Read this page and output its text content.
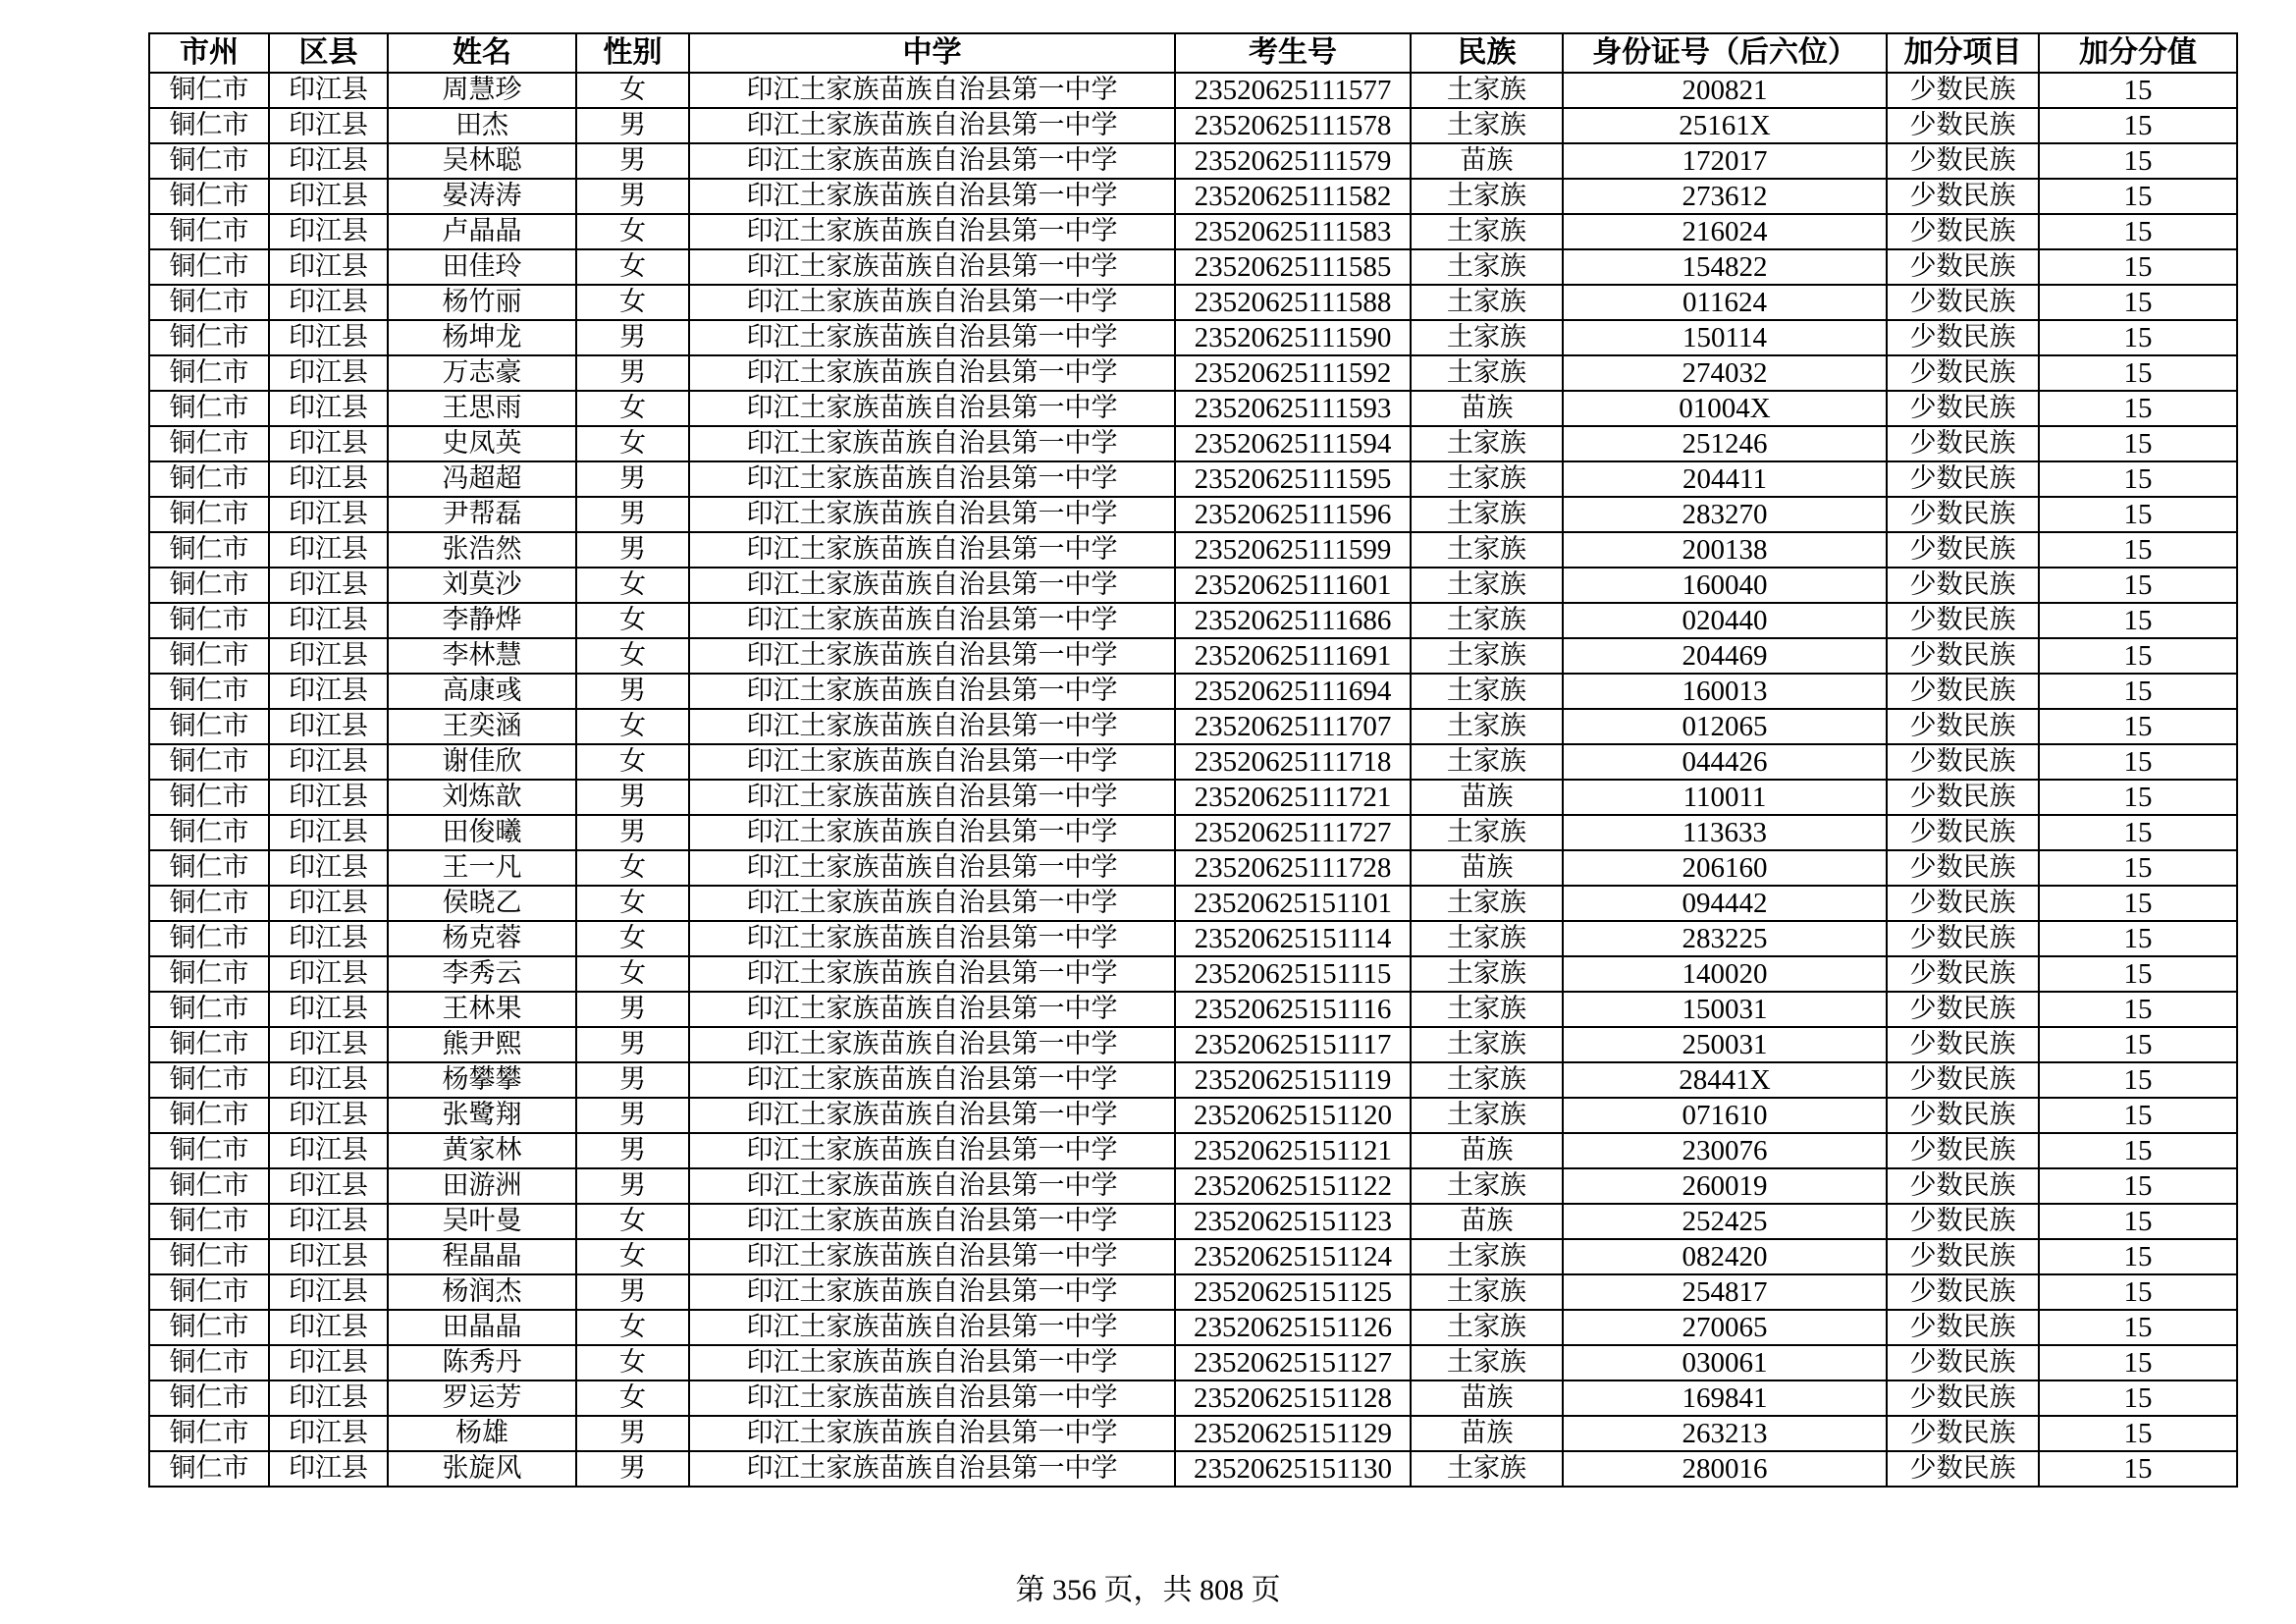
市州	区县	姓名	性别	中学	考生号	民族	身份证号（后六位）	加分项目	加分分值
铜仁市	印江县	周慧珍	女	印江土家族苗族自治县第一中学	23520625111577	土家族	200821	少数民族	15
铜仁市	印江县	田杰	男	印江土家族苗族自治县第一中学	23520625111578	土家族	25161X	少数民族	15
铜仁市	印江县	吴林聪	男	印江土家族苗族自治县第一中学	23520625111579	苗族	172017	少数民族	15
铜仁市	印江县	晏涛涛	男	印江土家族苗族自治县第一中学	23520625111582	土家族	273612	少数民族	15
铜仁市	印江县	卢晶晶	女	印江土家族苗族自治县第一中学	23520625111583	土家族	216024	少数民族	15
铜仁市	印江县	田佳玲	女	印江土家族苗族自治县第一中学	23520625111585	土家族	154822	少数民族	15
铜仁市	印江县	杨竹丽	女	印江土家族苗族自治县第一中学	23520625111588	土家族	011624	少数民族	15
铜仁市	印江县	杨坤龙	男	印江土家族苗族自治县第一中学	23520625111590	土家族	150114	少数民族	15
铜仁市	印江县	万志豪	男	印江土家族苗族自治县第一中学	23520625111592	土家族	274032	少数民族	15
铜仁市	印江县	王思雨	女	印江土家族苗族自治县第一中学	23520625111593	苗族	01004X	少数民族	15
铜仁市	印江县	史凤英	女	印江土家族苗族自治县第一中学	23520625111594	土家族	251246	少数民族	15
铜仁市	印江县	冯超超	男	印江土家族苗族自治县第一中学	23520625111595	土家族	204411	少数民族	15
铜仁市	印江县	尹帮磊	男	印江土家族苗族自治县第一中学	23520625111596	土家族	283270	少数民族	15
铜仁市	印江县	张浩然	男	印江土家族苗族自治县第一中学	23520625111599	土家族	200138	少数民族	15
铜仁市	印江县	刘莫沙	女	印江土家族苗族自治县第一中学	23520625111601	土家族	160040	少数民族	15
铜仁市	印江县	李静烨	女	印江土家族苗族自治县第一中学	23520625111686	土家族	020440	少数民族	15
铜仁市	印江县	李林慧	女	印江土家族苗族自治县第一中学	23520625111691	土家族	204469	少数民族	15
铜仁市	印江县	高康彧	男	印江土家族苗族自治县第一中学	23520625111694	土家族	160013	少数民族	15
铜仁市	印江县	王奕涵	女	印江土家族苗族自治县第一中学	23520625111707	土家族	012065	少数民族	15
铜仁市	印江县	谢佳欣	女	印江土家族苗族自治县第一中学	23520625111718	土家族	044426	少数民族	15
铜仁市	印江县	刘炼歆	男	印江土家族苗族自治县第一中学	23520625111721	苗族	110011	少数民族	15
铜仁市	印江县	田俊曦	男	印江土家族苗族自治县第一中学	23520625111727	土家族	113633	少数民族	15
铜仁市	印江县	王一凡	女	印江土家族苗族自治县第一中学	23520625111728	苗族	206160	少数民族	15
铜仁市	印江县	侯晓乙	女	印江土家族苗族自治县第一中学	23520625151101	土家族	094442	少数民族	15
铜仁市	印江县	杨克蓉	女	印江土家族苗族自治县第一中学	23520625151114	土家族	283225	少数民族	15
铜仁市	印江县	李秀云	女	印江土家族苗族自治县第一中学	23520625151115	土家族	140020	少数民族	15
铜仁市	印江县	王林果	男	印江土家族苗族自治县第一中学	23520625151116	土家族	150031	少数民族	15
铜仁市	印江县	熊尹熙	男	印江土家族苗族自治县第一中学	23520625151117	土家族	250031	少数民族	15
铜仁市	印江县	杨攀攀	男	印江土家族苗族自治县第一中学	23520625151119	土家族	28441X	少数民族	15
铜仁市	印江县	张鹭翔	男	印江土家族苗族自治县第一中学	23520625151120	土家族	071610	少数民族	15
铜仁市	印江县	黄家林	男	印江土家族苗族自治县第一中学	23520625151121	苗族	230076	少数民族	15
铜仁市	印江县	田游洲	男	印江土家族苗族自治县第一中学	23520625151122	土家族	260019	少数民族	15
铜仁市	印江县	吴叶曼	女	印江土家族苗族自治县第一中学	23520625151123	苗族	252425	少数民族	15
铜仁市	印江县	程晶晶	女	印江土家族苗族自治县第一中学	23520625151124	土家族	082420	少数民族	15
铜仁市	印江县	杨润杰	男	印江土家族苗族自治县第一中学	23520625151125	土家族	254817	少数民族	15
铜仁市	印江县	田晶晶	女	印江土家族苗族自治县第一中学	23520625151126	土家族	270065	少数民族	15
铜仁市	印江县	陈秀丹	女	印江土家族苗族自治县第一中学	23520625151127	土家族	030061	少数民族	15
铜仁市	印江县	罗运芳	女	印江土家族苗族自治县第一中学	23520625151128	苗族	169841	少数民族	15
铜仁市	印江县	杨雄	男	印江土家族苗族自治县第一中学	23520625151129	苗族	263213	少数民族	15
铜仁市	印江县	张旋风	男	印江土家族苗族自治县第一中学	23520625151130	土家族	280016	少数民族	15
第 356 页，共 808 页
